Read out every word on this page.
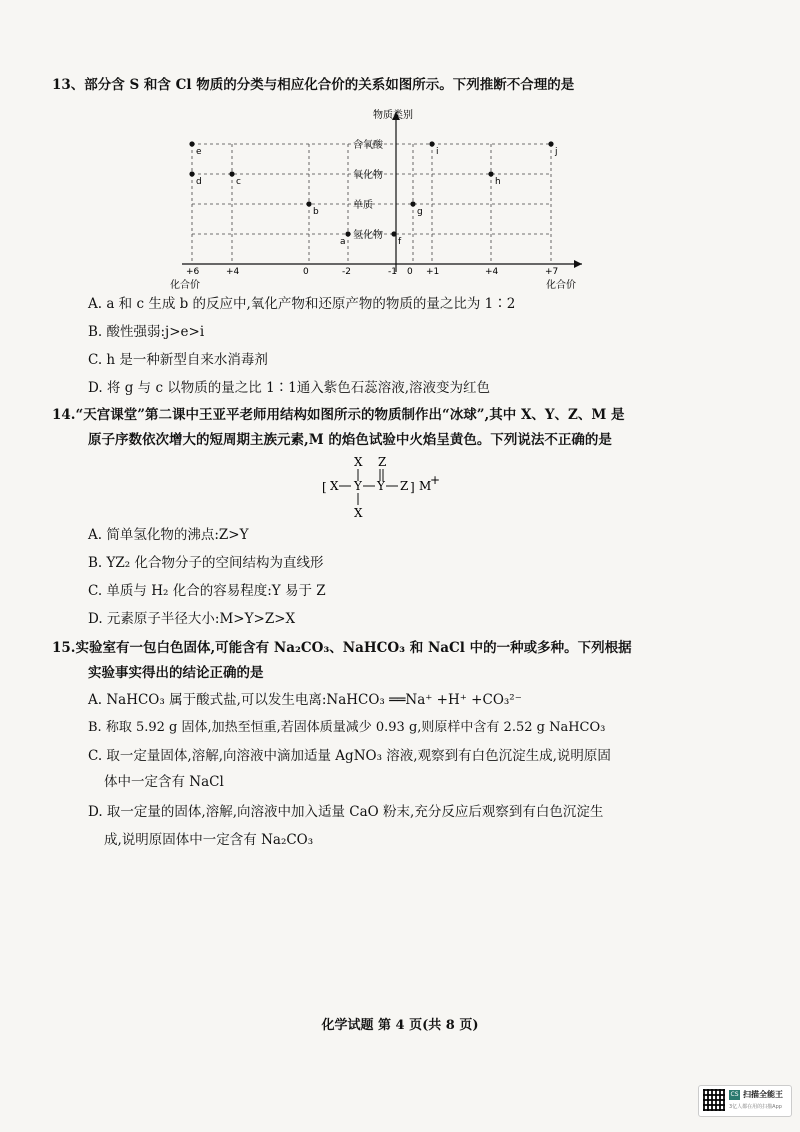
13、部分含 S 和含 Cl 物质的分类与相应化合价的关系如图所示。下列推断不合理的是
物质类别
化合价	化合价
氢化物
单质
氧化物
含氧酸
+6	+4	0	-2	-1 0 +1	+4	+7
a
b
c
d
e
f
g
i
h
j
A. a 和 c 生成 b 的反应中,氧化产物和还原产物的物质的量之比为 1∶2
B. 酸性强弱:j>e>i
C. h 是一种新型自来水消毒剂
D. 将 g 与 c 以物质的量之比 1∶1通入紫色石蕊溶液,溶液变为红色
14.“天宫课堂”第二课中王亚平老师用结构如图所示的物质制作出“冰球”,其中 X、Y、Z、M 是
原子序数依次增大的短周期主族元素,M 的焰色试验中火焰呈黄色。下列说法不正确的是
X Z
[ X Y Y Z ] M
+
X
A. 简单氢化物的沸点:Z>Y
B. YZ₂ 化合物分子的空间结构为直线形
C. 单质与 H₂ 化合的容易程度:Y 易于 Z
D. 元素原子半径大小:M>Y>Z>X
15.实验室有一包白色固体,可能含有 Na₂CO₃、NaHCO₃ 和 NaCl 中的一种或多种。下列根据
实验事实得出的结论正确的是
A. NaHCO₃ 属于酸式盐,可以发生电离:NaHCO₃ ══Na⁺ +H⁺ +CO₃²⁻
B. 称取 5.92 g 固体,加热至恒重,若固体质量减少 0.93 g,则原样中含有 2.52 g NaHCO₃
C. 取一定量固体,溶解,向溶液中滴加适量 AgNO₃ 溶液,观察到有白色沉淀生成,说明原固
体中一定含有 NaCl
D. 取一定量的固体,溶解,向溶液中加入适量 CaO 粉末,充分反应后观察到有白色沉淀生
成,说明原固体中一定含有 Na₂CO₃
化学试题 第 4 页(共 8 页)
CS 扫描全能王
3亿人都在用的扫描App
